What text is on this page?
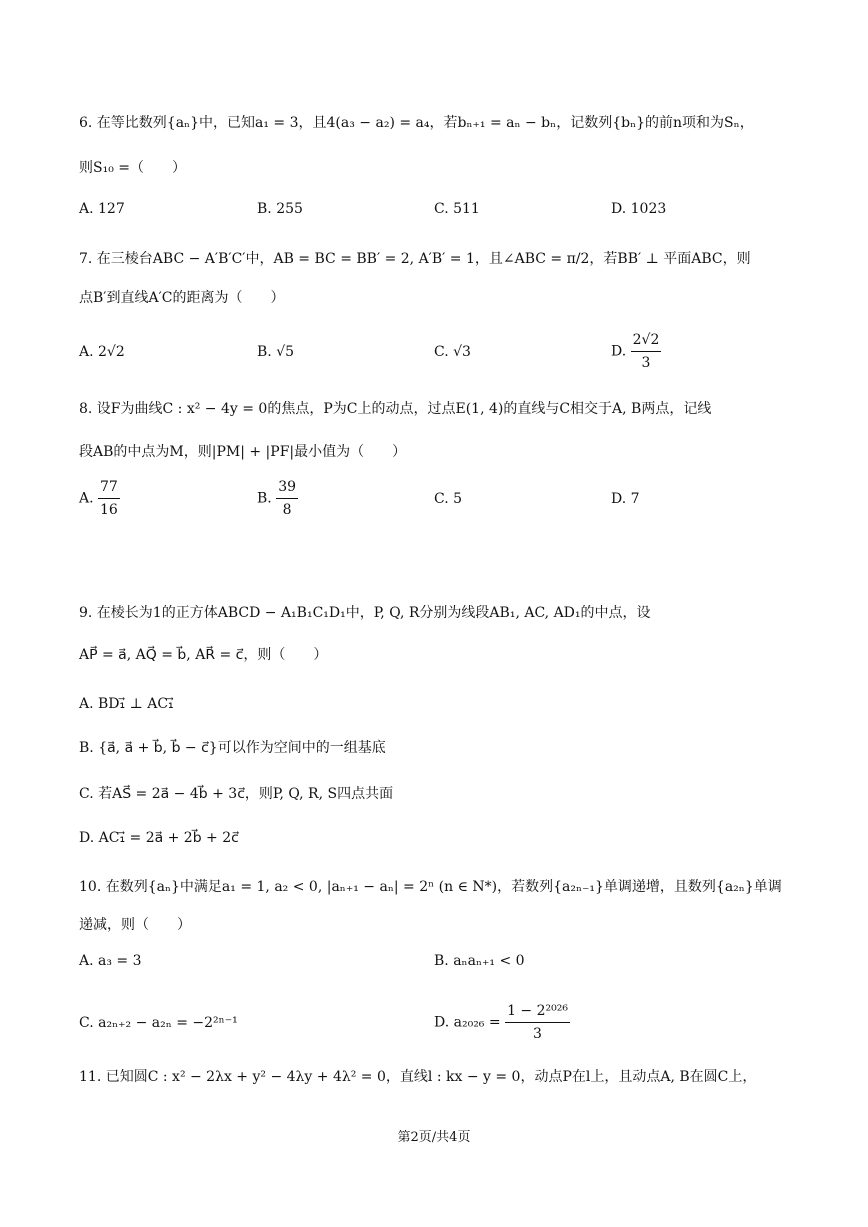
6. 在等比数列{aₙ}中，已知a₁ = 3，且4(a₃ − a₂) = a₄，若bₙ₊₁ = aₙ − bₙ，记数列{bₙ}的前n项和为Sₙ，
则S₁₀ =（　　）
A. 127	B. 255	C. 511	D. 1023
7. 在三棱台ABC − A′B′C′中，AB = BC = BB′ = 2, A′B′ = 1，且∠ABC = π/2，若BB′ ⊥ 平面ABC，则
点B′到直线A′C的距离为（　　）
A. 2√2	B. √5	C. √3	D. $\frac{2√2}{3}$
8. 设F为曲线C : x² − 4y = 0的焦点，P为C上的动点，过点E(1, 4)的直线与C相交于A, B两点，记线
段AB的中点为M，则|PM| + |PF|最小值为（　　）
A. $\frac{77}{16}$	B. $\frac{39}{8}$	C. 5	D. 7
9. 在棱长为1的正方体ABCD − A₁B₁C₁D₁中，P, Q, R分别为线段AB₁, AC, AD₁的中点，设
AP⃗ = a⃗, AQ⃗ = b⃗, AR⃗ = c⃗，则（　　）
A. BD₁⃗ ⊥ AC₁⃗
B. {a⃗, a⃗ + b⃗, b⃗ − c⃗}可以作为空间中的一组基底
C. 若AS⃗ = 2a⃗ − 4b⃗ + 3c⃗，则P, Q, R, S四点共面
D. AC₁⃗ = 2a⃗ + 2b⃗ + 2c⃗
10. 在数列{aₙ}中满足a₁ = 1, a₂ < 0, |aₙ₊₁ − aₙ| = 2ⁿ (n ∈ N*)，若数列{a₂ₙ₋₁}单调递增，且数列{a₂ₙ}单调
递减，则（　　）
A. a₃ = 3	B. aₙaₙ₊₁ < 0
C. a₂ₙ₊₂ − a₂ₙ = −2²ⁿ⁻¹	D. $a_{2026} = \frac{\text{1 − 2²⁰²⁶}}{3}$
11. 已知圆C : x² − 2λx + y² − 4λy + 4λ² = 0，直线l : kx − y = 0，动点P在l上，且动点A, B在圆C上，
第2页/共4页
